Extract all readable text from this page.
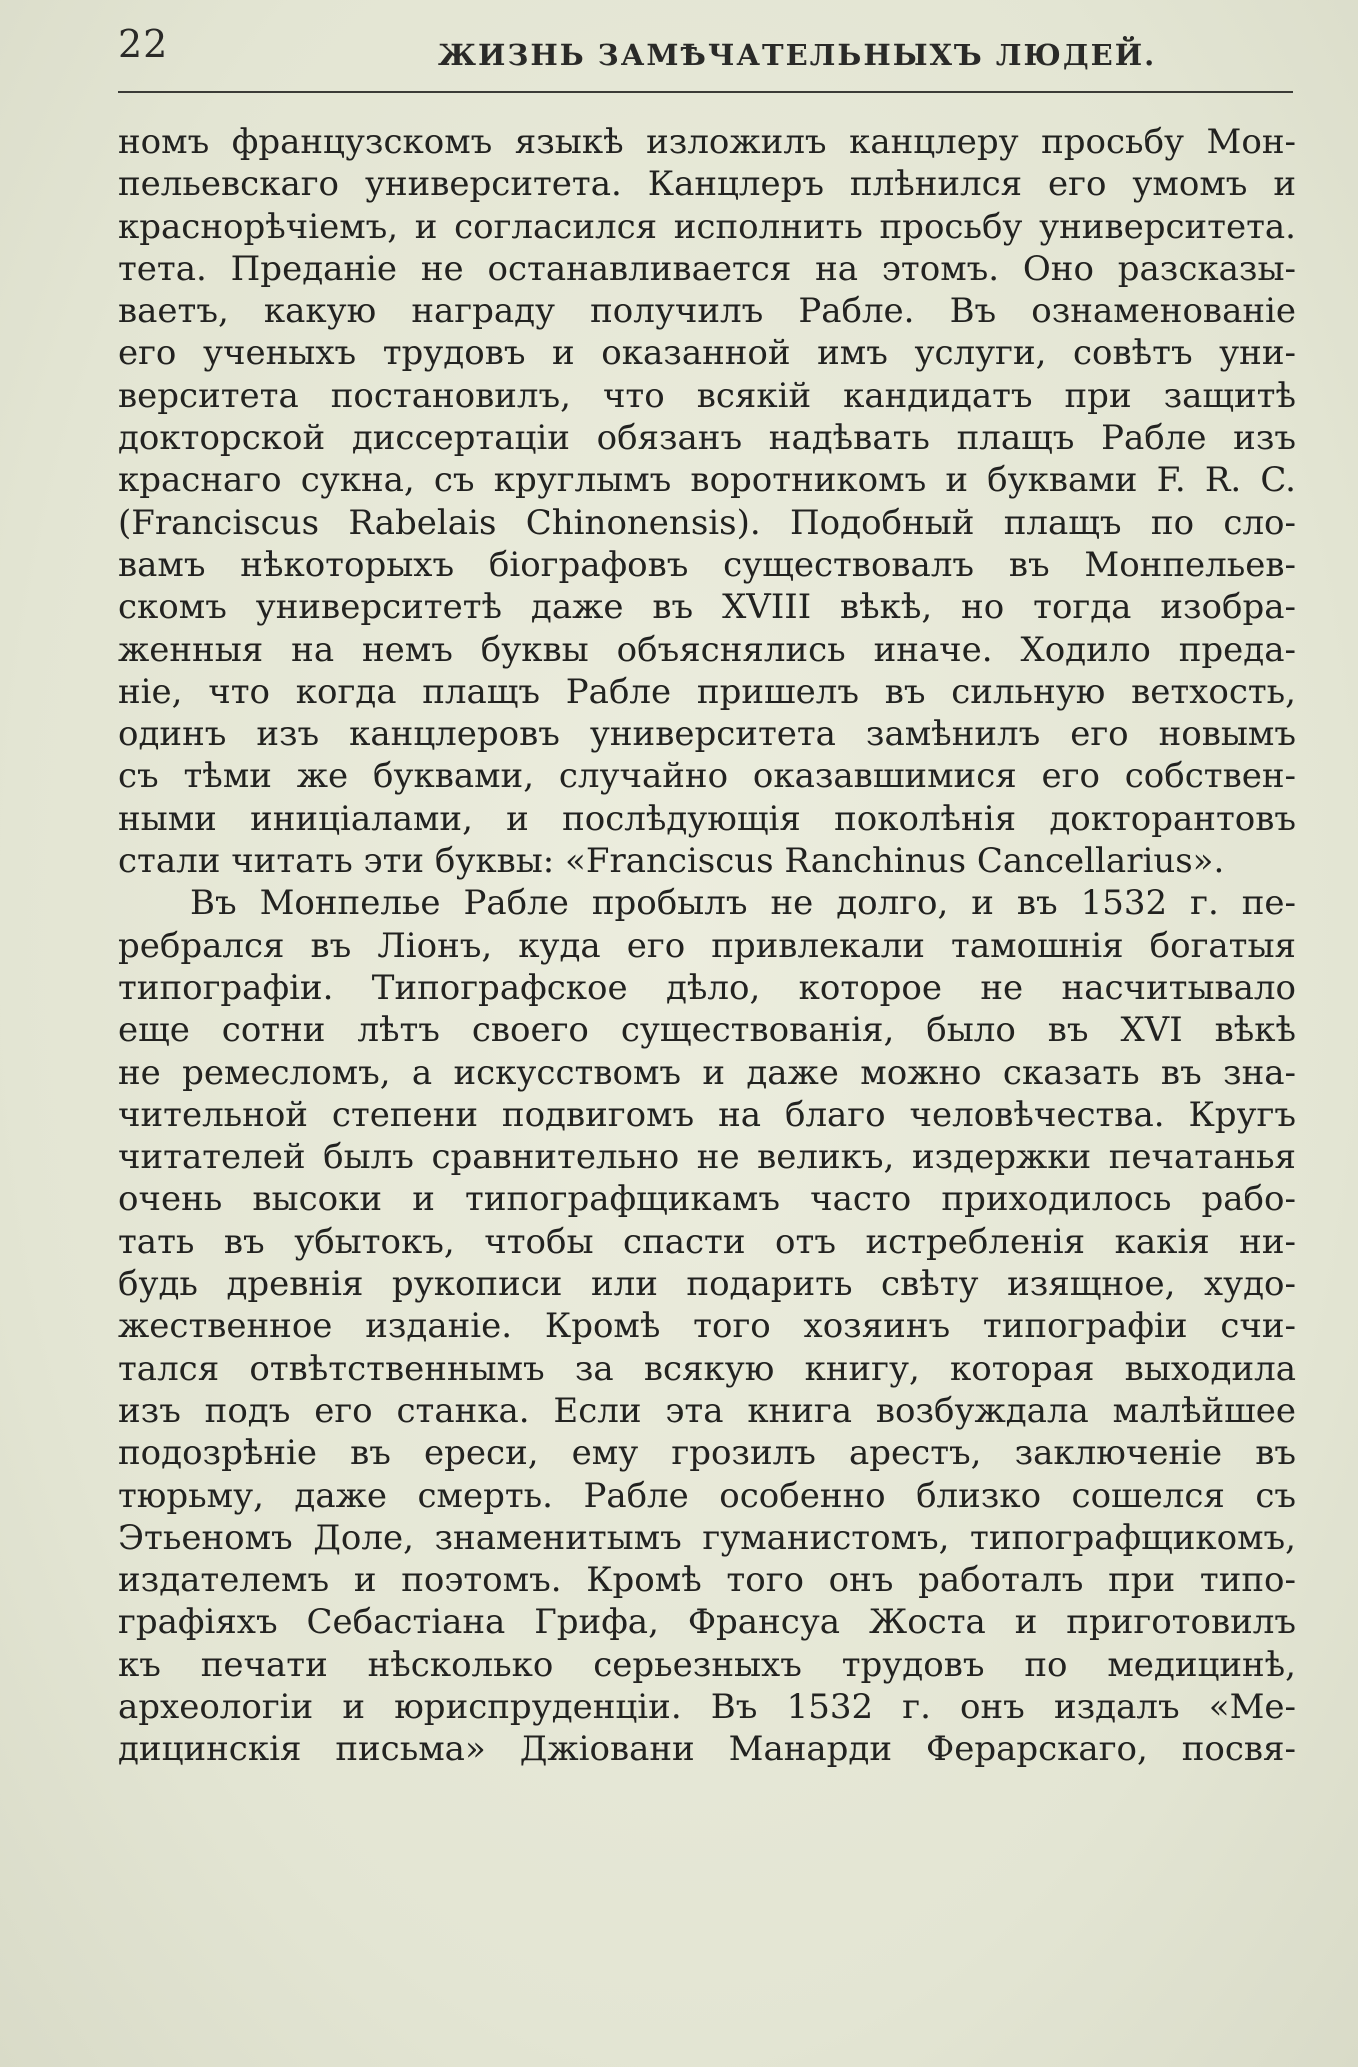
22	ЖИЗНЬ ЗАМѢЧАТЕЛЬНЫХЪ ЛЮДЕЙ.
номъ французскомъ языкѣ изложилъ канцлеру просьбу Мон-
пельевскаго университета. Канцлеръ плѣнился его умомъ и
краснорѣчіемъ, и согласился исполнить просьбу университета.
тета. Преданіе не останавливается на этомъ. Оно разсказы-
ваетъ, какую награду получилъ Рабле. Въ ознаменованіе
его ученыхъ трудовъ и оказанной имъ услуги, совѣтъ уни-
верситета постановилъ, что всякій кандидатъ при защитѣ
докторской диссертаціи обязанъ надѣвать плащъ Рабле изъ
краснаго сукна, съ круглымъ воротникомъ и буквами F. R. C.
(Franciscus Rabelais Chinonensis). Подобный плащъ по сло-
вамъ нѣкоторыхъ біографовъ существовалъ въ Монпельев-
скомъ университетѣ даже въ XVIII вѣкѣ, но тогда изобра-
женныя на немъ буквы объяснялись иначе. Ходило преда-
ніе, что когда плащъ Рабле пришелъ въ сильную ветхость,
одинъ изъ канцлеровъ университета замѣнилъ его новымъ
съ тѣми же буквами, случайно оказавшимися его собствен-
ными иниціалами, и послѣдующія поколѣнія докторантовъ
стали читать эти буквы: «Franciscus Ranchinus Cancellarius».
Въ Монпелье Рабле пробылъ не долго, и въ 1532 г. пе-
ребрался въ Ліонъ, куда его привлекали тамошнія богатыя
типографіи. Типографское дѣло, которое не насчитывало
еще сотни лѣтъ своего существованія, было въ XVI вѣкѣ
не ремесломъ, а искусствомъ и даже можно сказать въ зна-
чительной степени подвигомъ на благо человѣчества. Кругъ
читателей былъ сравнительно не великъ, издержки печатанья
очень высоки и типографщикамъ часто приходилось рабо-
тать въ убытокъ, чтобы спасти отъ истребленія какія ни-
будь древнія рукописи или подарить свѣту изящное, худо-
жественное изданіе. Кромѣ того хозяинъ типографіи счи-
тался отвѣтственнымъ за всякую книгу, которая выходила
изъ подъ его станка. Если эта книга возбуждала малѣйшее
подозрѣніе въ ереси, ему грозилъ арестъ, заключеніе въ
тюрьму, даже смерть. Рабле особенно близко сошелся съ
Этьеномъ Доле, знаменитымъ гуманистомъ, типографщикомъ,
издателемъ и поэтомъ. Кромѣ того онъ работалъ при типо-
графіяхъ Себастіана Грифа, Франсуа Жоста и приготовилъ
къ печати нѣсколько серьезныхъ трудовъ по медицинѣ,
археологіи и юриспруденціи. Въ 1532 г. онъ издалъ «Ме-
дицинскія письма» Джіовани Манарди Ферарскаго, посвя-
